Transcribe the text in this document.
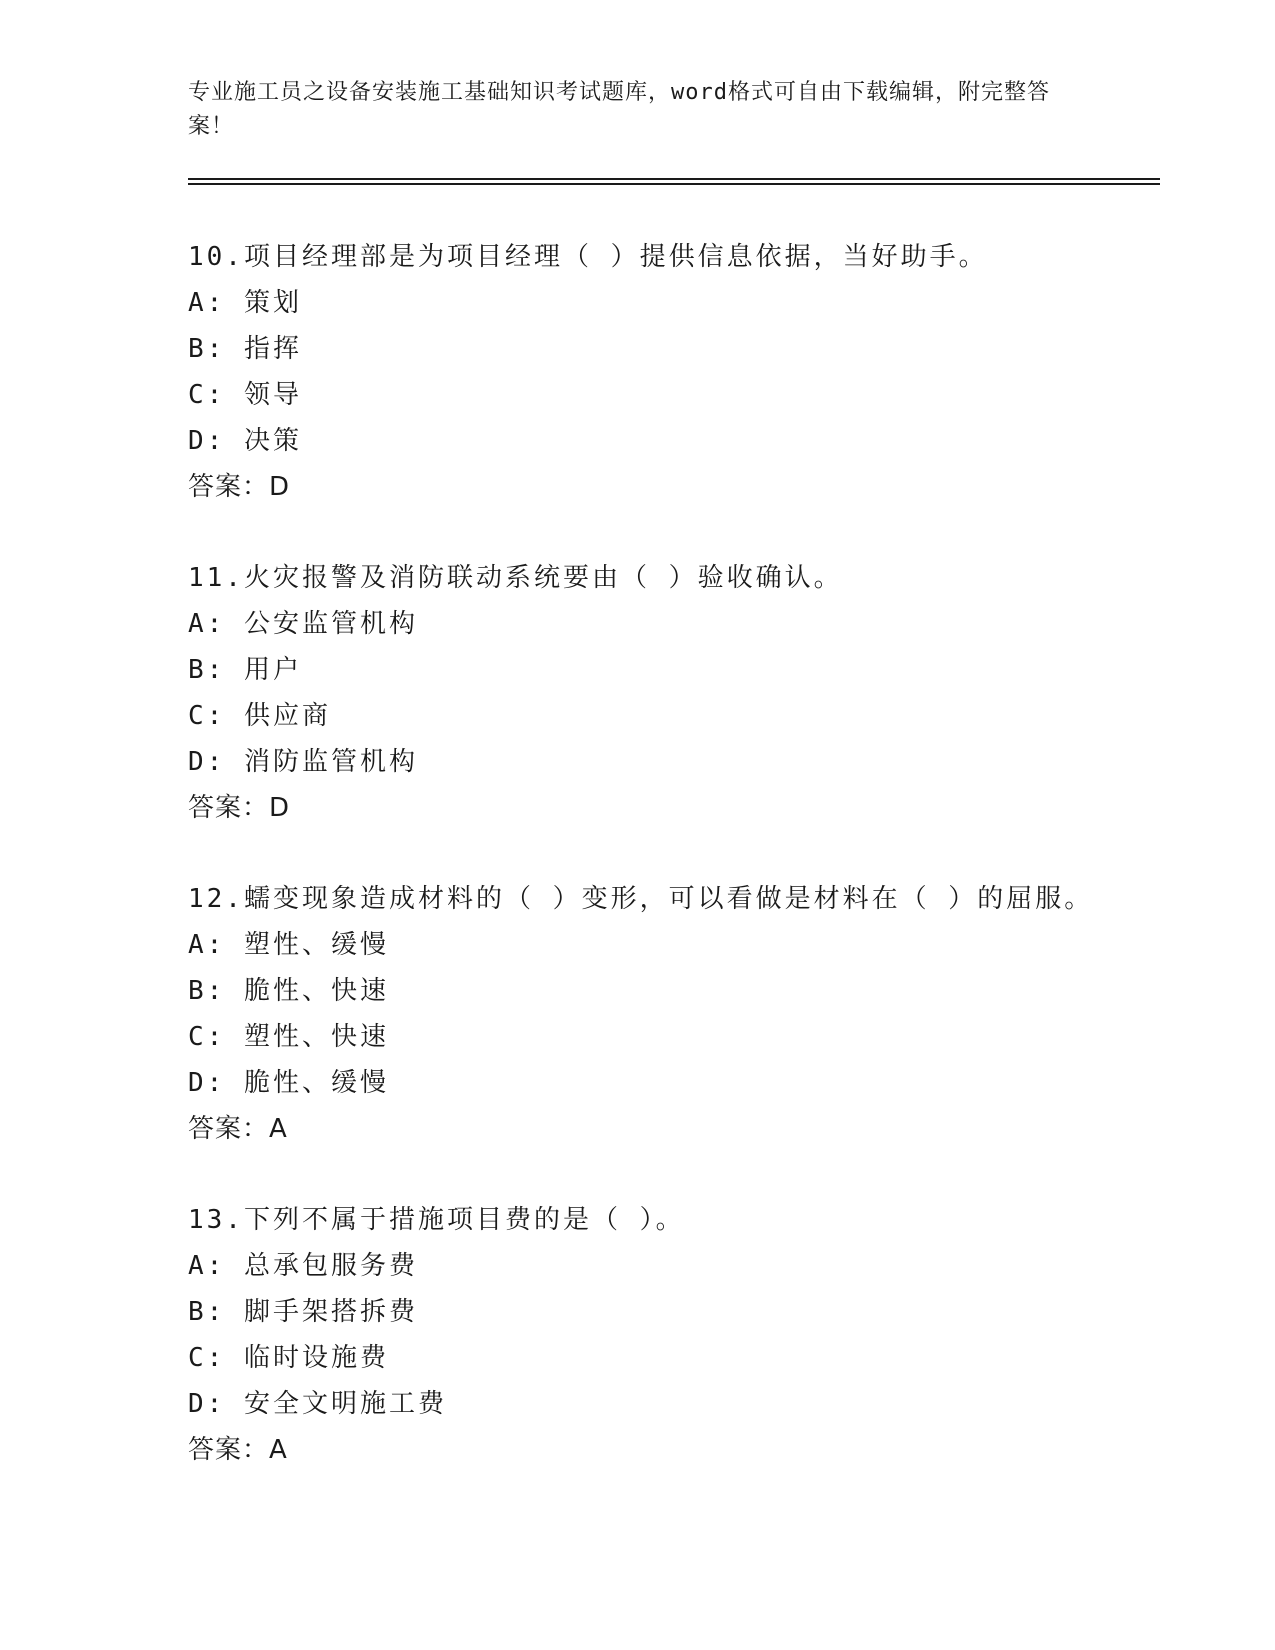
专业施工员之设备安装施工基础知识考试题库，word格式可自由下载编辑，附完整答案！
10.项目经理部是为项目经理（ ）提供信息依据，当好助手。
A: 策划
B: 指挥
C: 领导
D: 决策
答案：D
11.火灾报警及消防联动系统要由（ ）验收确认。
A: 公安监管机构
B: 用户
C: 供应商
D: 消防监管机构
答案：D
12.蠕变现象造成材料的（ ）变形，可以看做是材料在（ ）的屈服。
A: 塑性、缓慢
B: 脆性、快速
C: 塑性、快速
D: 脆性、缓慢
答案：A
13.下列不属于措施项目费的是（ ）。
A: 总承包服务费
B: 脚手架搭拆费
C: 临时设施费
D: 安全文明施工费
答案：A
